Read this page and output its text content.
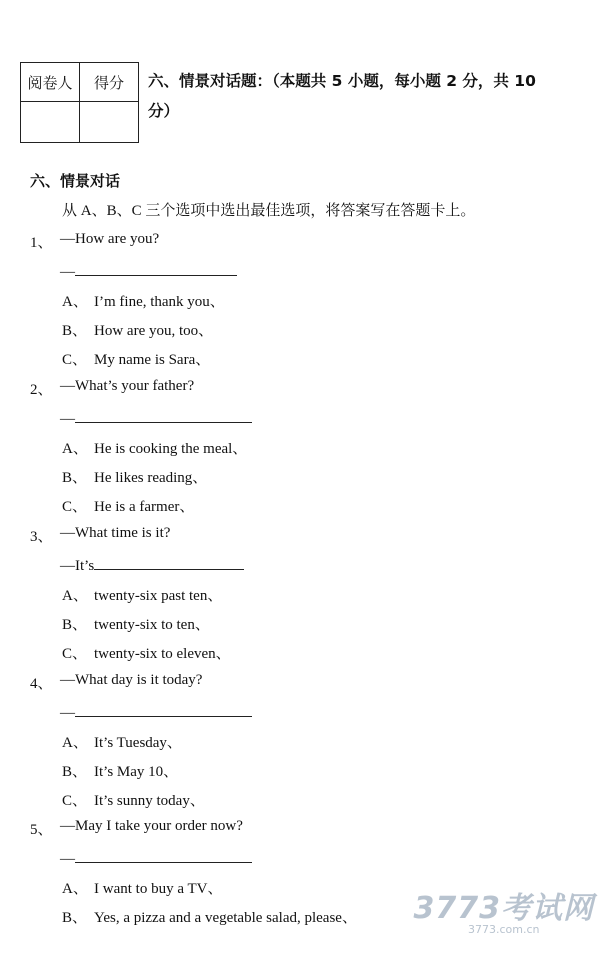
阅卷人	得分
	六、情景对话题：（本题共 5 小题，每小题 2 分，共 10 分）
六、情景对话
从 A、B、C 三个选项中选出最佳选项，将答案写在答题卡上。
1、 —How are you?
—
A、 I’m fine, thank you、
B、 How are you, too、
C、 My name is Sara、
2、 —What’s your father?
—
A、 He is cooking the meal、
B、 He likes reading、
C、 He is a farmer、
3、 —What time is it?
—It’s
A、 twenty-six past ten、
B、 twenty-six to ten、
C、 twenty-six to eleven、
4、 —What day is it today?
—
A、 It’s Tuesday、
B、 It’s May 10、
C、 It’s sunny today、
5、 —May I take your order now?
—
A、 I want to buy a TV、
B、 Yes, a pizza and a vegetable salad, please、 3773考试网
3773.com.cn
